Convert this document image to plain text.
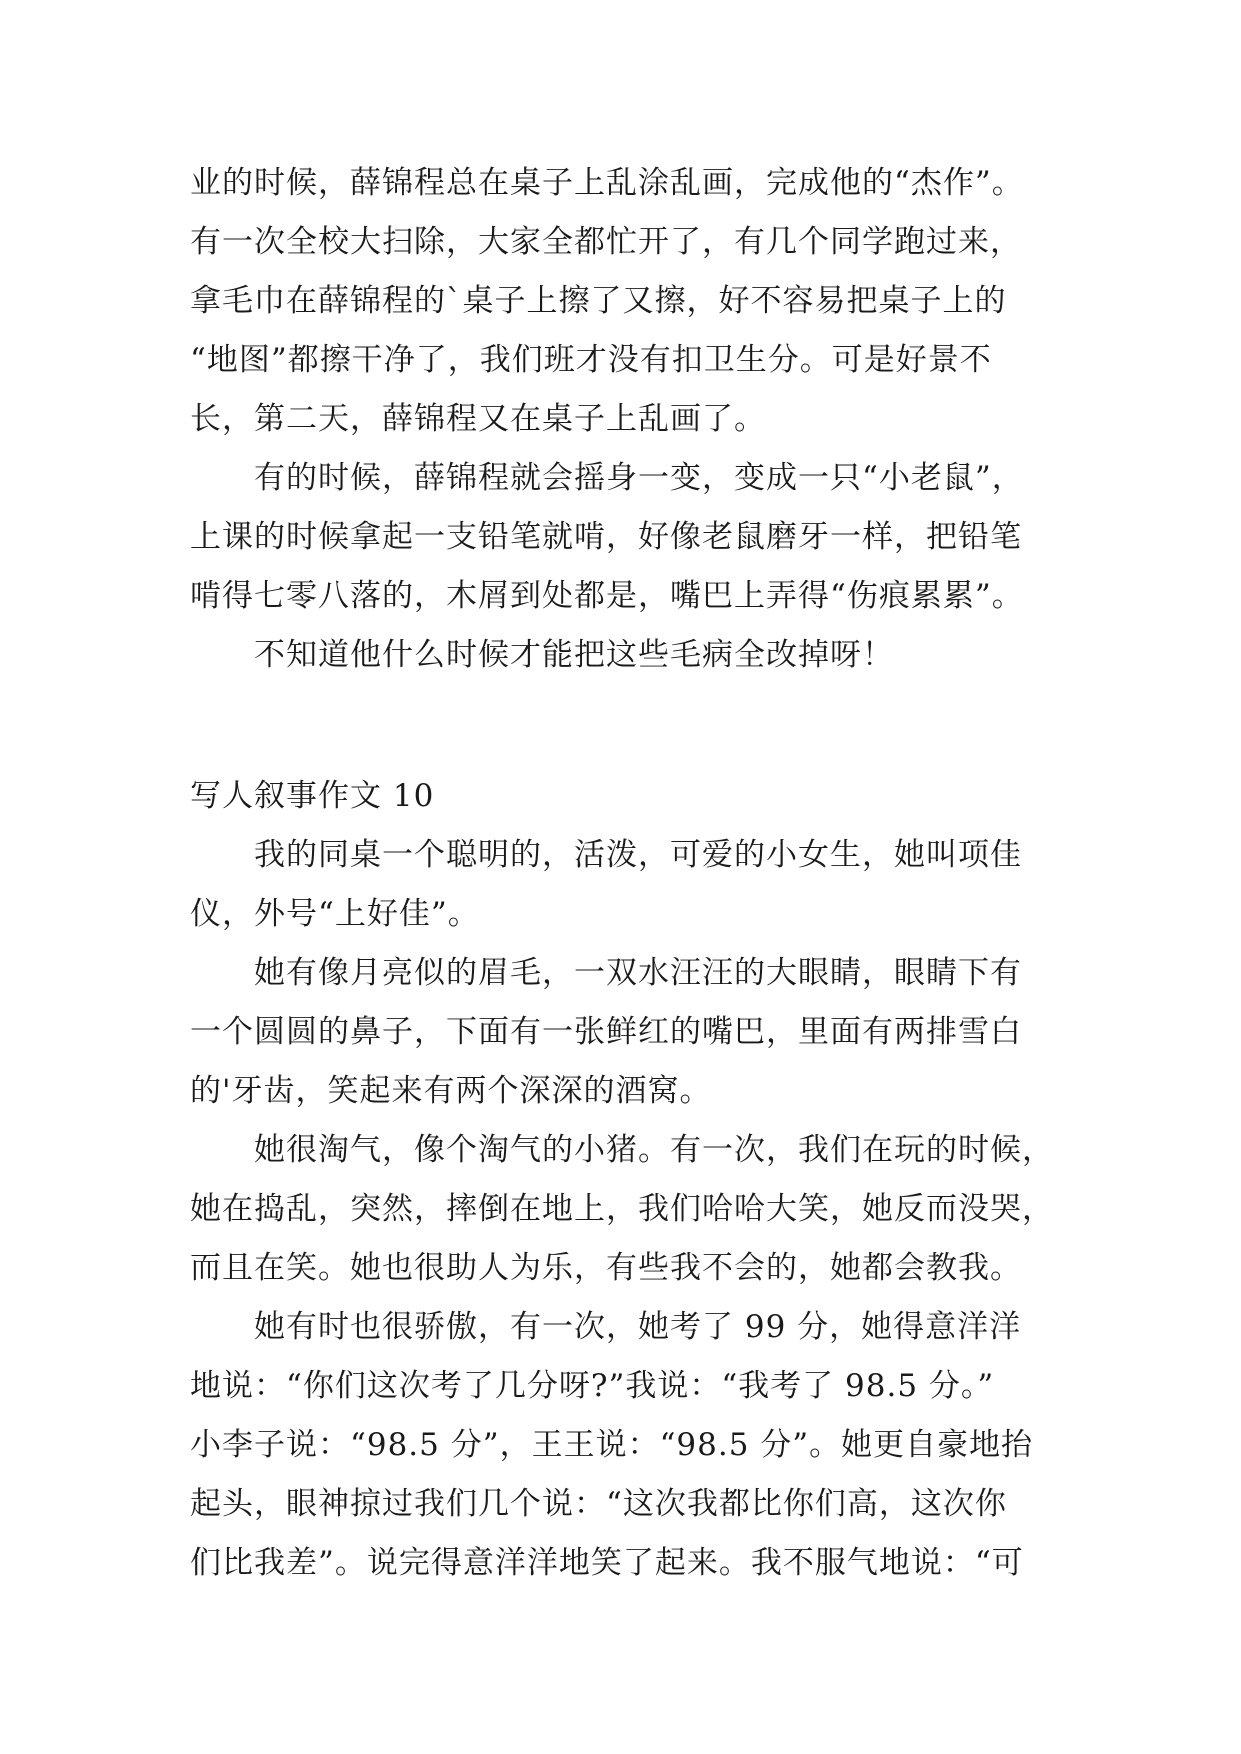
业的时候，薛锦程总在桌子上乱涂乱画，完成他的“杰作”。
有一次全校大扫除，大家全都忙开了，有几个同学跑过来，
拿毛巾在薛锦程的`桌子上擦了又擦，好不容易把桌子上的
“地图”都擦干净了，我们班才没有扣卫生分。可是好景不
长，第二天，薛锦程又在桌子上乱画了。
有的时候，薛锦程就会摇身一变，变成一只“小老鼠”，
上课的时候拿起一支铅笔就啃，好像老鼠磨牙一样，把铅笔
啃得七零八落的，木屑到处都是，嘴巴上弄得“伤痕累累”。
不知道他什么时候才能把这些毛病全改掉呀！
写人叙事作文 10
我的同桌一个聪明的，活泼，可爱的小女生，她叫项佳
仪，外号“上好佳”。
她有像月亮似的眉毛，一双水汪汪的大眼睛，眼睛下有
一个圆圆的鼻子，下面有一张鲜红的嘴巴，里面有两排雪白
的'牙齿，笑起来有两个深深的酒窝。
她很淘气，像个淘气的小猪。有一次，我们在玩的时候，
她在捣乱，突然，摔倒在地上，我们哈哈大笑，她反而没哭，
而且在笑。她也很助人为乐，有些我不会的，她都会教我。
她有时也很骄傲，有一次，她考了 99 分，她得意洋洋
地说：“你们这次考了几分呀?”我说：“我考了 98.5 分。”
小李子说：“98.5 分”，王王说：“98.5 分”。她更自豪地抬
起头，眼神掠过我们几个说：“这次我都比你们高，这次你
们比我差”。说完得意洋洋地笑了起来。我不服气地说：“可
